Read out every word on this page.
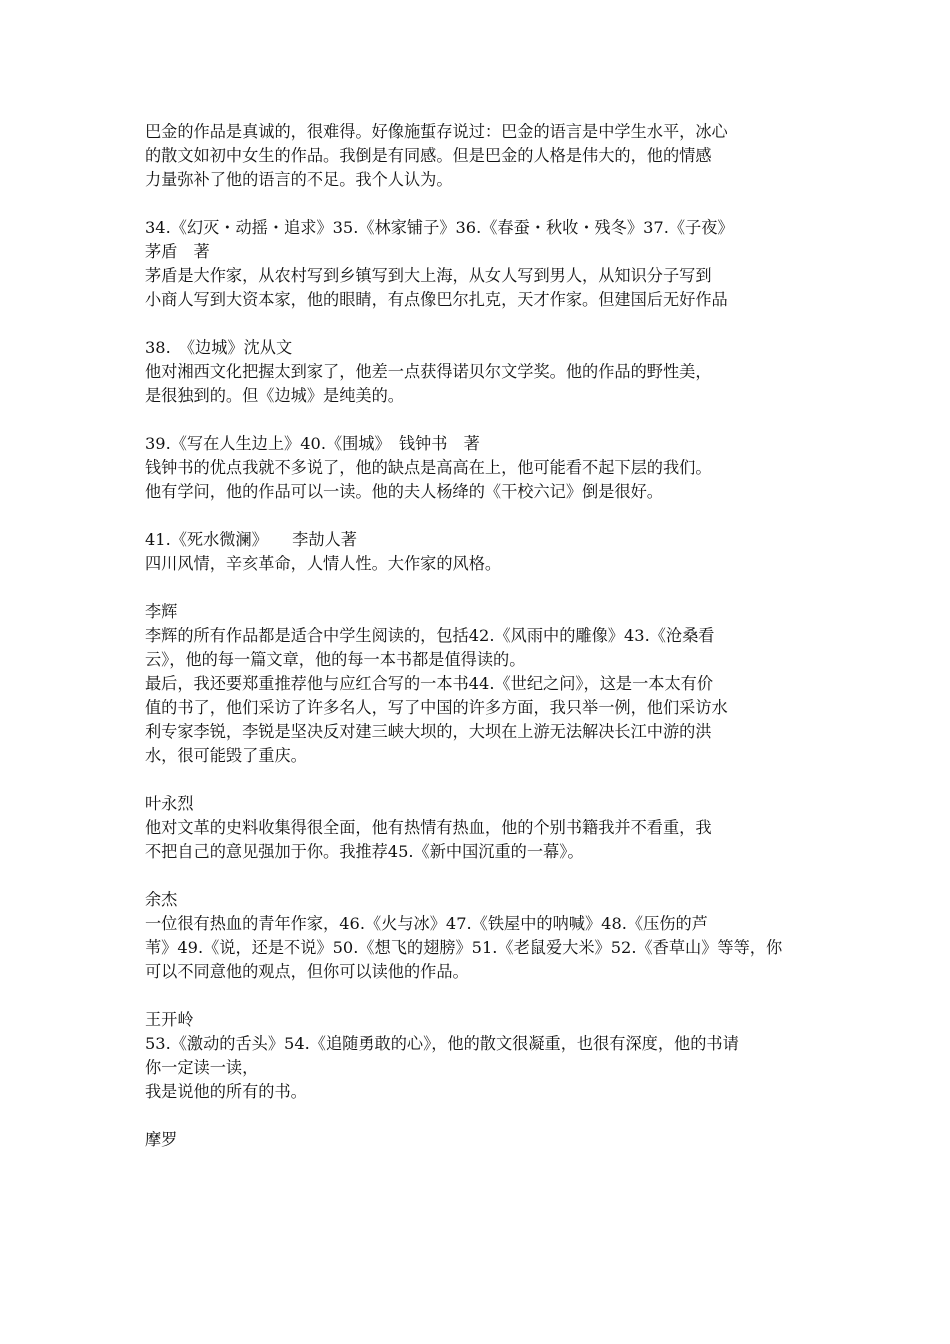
巴金的作品是真诚的，很难得。好像施蜇存说过：巴金的语言是中学生水平，冰心
的散文如初中女生的作品。我倒是有同感。但是巴金的人格是伟大的，他的情感
力量弥补了他的语言的不足。我个人认为。
34.《幻灭・动摇・追求》35.《林家铺子》36.《春蚕・秋收・残冬》37.《子夜》
茅盾　著
茅盾是大作家，从农村写到乡镇写到大上海，从女人写到男人，从知识分子写到
小商人写到大资本家，他的眼睛，有点像巴尔扎克，天才作家。但建国后无好作品
38.　《边城》沈从文
他对湘西文化把握太到家了，他差一点获得诺贝尔文学奖。他的作品的野性美，
是很独到的。但《边城》是纯美的。
39.《写在人生边上》40.《围城》　钱钟书　著
钱钟书的优点我就不多说了，他的缺点是高高在上，他可能看不起下层的我们。
他有学问，他的作品可以一读。他的夫人杨绛的《干校六记》倒是很好。
41.《死水微澜》　　李劼人著
四川风情，辛亥革命，人情人性。大作家的风格。
李辉
李辉的所有作品都是适合中学生阅读的，包括42.《风雨中的雕像》43.《沧桑看
云》，他的每一篇文章，他的每一本书都是值得读的。
最后，我还要郑重推荐他与应红合写的一本书44.《世纪之问》，这是一本太有价
值的书了，他们采访了许多名人，写了中国的许多方面，我只举一例，他们采访水
利专家李锐，李锐是坚决反对建三峡大坝的，大坝在上游无法解决长江中游的洪
水，很可能毁了重庆。
叶永烈
他对文革的史料收集得很全面，他有热情有热血，他的个别书籍我并不看重，我
不把自己的意见强加于你。我推荐45.《新中国沉重的一幕》。
余杰
一位很有热血的青年作家，46.《火与冰》47.《铁屋中的呐喊》48.《压伤的芦
苇》49.《说，还是不说》50.《想飞的翅膀》51.《老鼠爱大米》52.《香草山》等等，你
可以不同意他的观点，但你可以读他的作品。
王开岭
53.《激动的舌头》54.《追随勇敢的心》，他的散文很凝重，也很有深度，他的书请
你一定读一读，
我是说他的所有的书。
摩罗
